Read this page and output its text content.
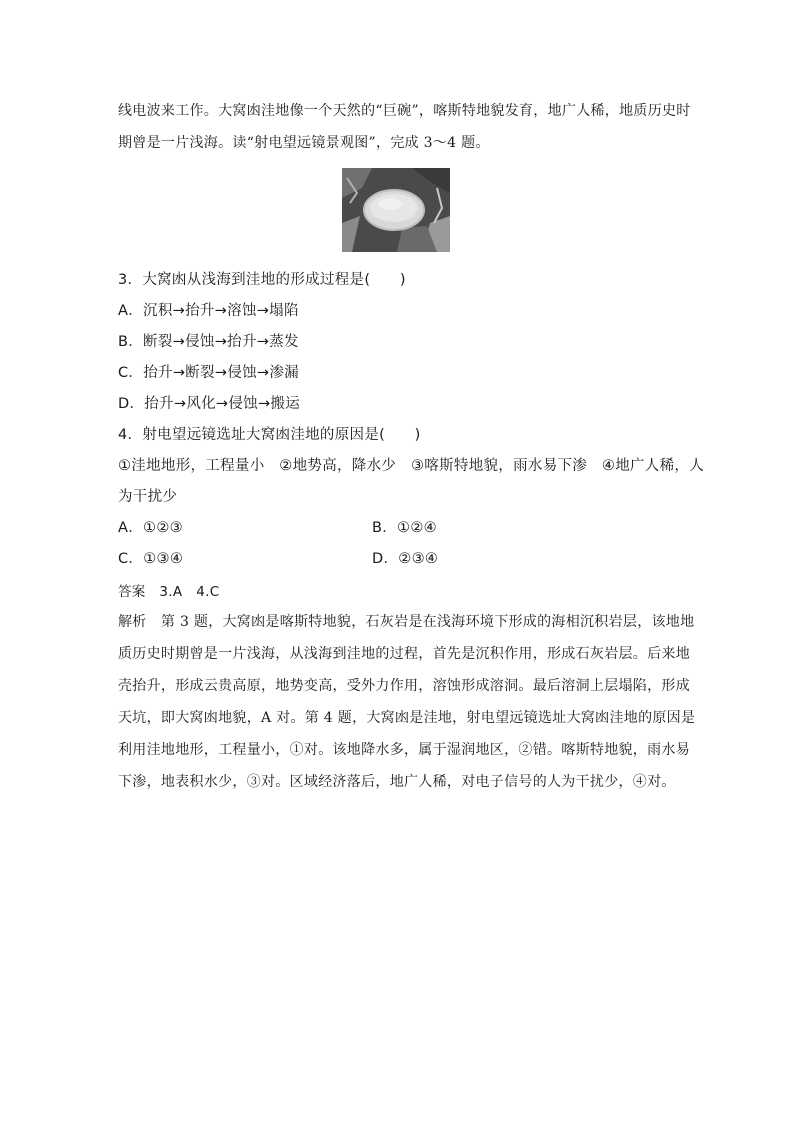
线电波来工作。大窝凼洼地像一个天然的“巨碗”，喀斯特地貌发育，地广人稀，地质历史时
期曾是一片浅海。读“射电望远镜景观图”，完成 3～4 题。
3．大窝凼从浅海到洼地的形成过程是(　　)
A．沉积→抬升→溶蚀→塌陷
B．断裂→侵蚀→抬升→蒸发
C．抬升→断裂→侵蚀→渗漏
D．抬升→风化→侵蚀→搬运
4．射电望远镜选址大窝凼洼地的原因是(　　)
①洼地地形，工程量小　②地势高，降水少　③喀斯特地貌，雨水易下渗　④地广人稀，人
为干扰少
A．①②③	B．①②④
C．①③④	D．②③④
答案　3.A　4.C
解析　第 3 题，大窝凼是喀斯特地貌，石灰岩是在浅海环境下形成的海相沉积岩层，该地地
质历史时期曾是一片浅海，从浅海到洼地的过程，首先是沉积作用，形成石灰岩层。后来地
壳抬升，形成云贵高原，地势变高，受外力作用，溶蚀形成溶洞。最后溶洞上层塌陷，形成
天坑，即大窝凼地貌，A 对。第 4 题，大窝凼是洼地，射电望远镜选址大窝凼洼地的原因是
利用洼地地形，工程量小，①对。该地降水多，属于湿润地区，②错。喀斯特地貌，雨水易
下渗，地表积水少，③对。区域经济落后，地广人稀，对电子信号的人为干扰少，④对。
